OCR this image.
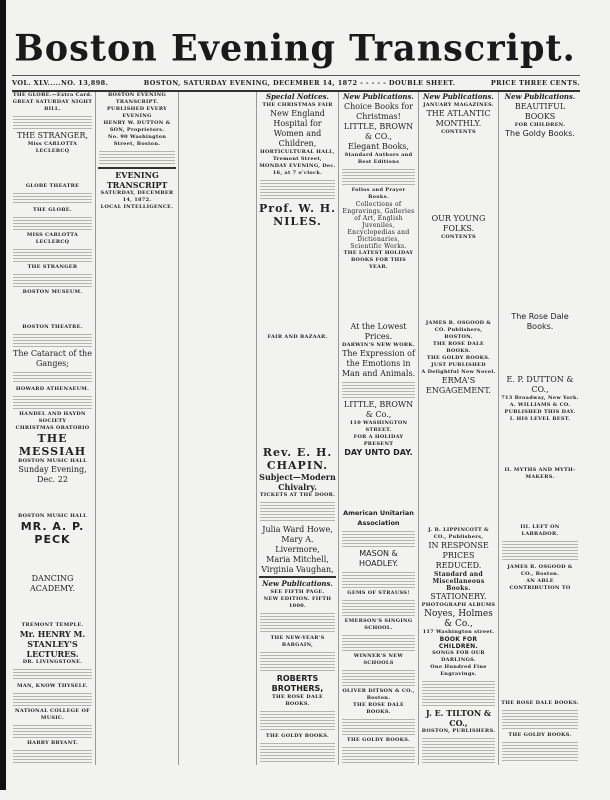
Boston Evening Transcript.
VOL. XLV.....NO. 13,898.	BOSTON, SATURDAY EVENING, DECEMBER 14, 1872 - - - - - DOUBLE SHEET.	PRICE THREE CENTS.
THE GLOBE.—Extra Card. GREAT SATURDAY NIGHT BILL.
THE STRANGER,
Miss CARLOTTA LECLERCQ
GLOBE THEATRE
THE GLOBE.
MISS CARLOTTA LECLERCQ
THE STRANGER
BOSTON MUSEUM.
BOSTON THEATRE.
The Cataract of the Ganges;
HOWARD ATHENAEUM.
HANDEL AND HAYDN SOCIETY
CHRISTMAS ORATORIO
THE MESSIAH
BOSTON MUSIC HALL
Sunday Evening, Dec. 22
BOSTON MUSIC HALL
MR. A. P. PECK
DANCING ACADEMY.
TREMONT TEMPLE.
Mr. HENRY M. STANLEY'S LECTURES.
DR. LIVINGSTONE.
MAN, KNOW THYSELF.
NATIONAL COLLEGE OF MUSIC.
HARRY BRYANT.
BOSTON EVENING TRANSCRIPT.
PUBLISHED EVERY EVENING
HENRY W. DUTTON & SON, Proprietors.
No. 90 Washington Street, Boston.
EVENING TRANSCRIPT
SATURDAY, DECEMBER 14, 1872.
LOCAL INTELLIGENCE.
Special Notices.
THE CHRISTMAS FAIR
New England Hospital for Women and Children,
HORTICULTURAL HALL, Tremont Street,
MONDAY EVENING, Dec. 16, at 7 o'clock.
Prof. W. H. NILES.
FAIR AND BAZAAR.
Rev. E. H. CHAPIN.
Subject—Modern Chivalry.
TICKETS AT THE DOOR.
Julia Ward Howe,
Mary A. Livermore,
Maria Mitchell,
Virginia Vaughan,
New Publications.
SEE FIFTH PAGE.
NEW EDITION. FIFTH 1000.
THE NEW-YEAR'S BARGAIN,
ROBERTS BROTHERS,
THE ROSE DALE BOOKS.
THE GOLDY BOOKS.
New Publications.
Choice Books for Christmas!
LITTLE, BROWN & CO.,
Elegant Books,
Standard Authors and Best Editions
Folios and Prayer Books.
Collections of Engravings, Galleries of Art, English Juveniles, Encyclopedias and Dictionaries, Scientific Works.
THE LATEST HOLIDAY BOOKS FOR THIS YEAR.
At the Lowest Prices.
DARWIN'S NEW WORK.
The Expression of the Emotions in Man and Animals.
LITTLE, BROWN & Co.,
110 WASHINGTON STREET.
FOR A HOLIDAY PRESENT
DAY UNTO DAY.
American Unitarian Association
MASON & HOADLEY.
GEMS OF STRAUSS!
EMERSON'S SINGING SCHOOL.
WINNER'S NEW SCHOOLS
OLIVER DITSON & CO., Boston.
THE ROSE DALE BOOKS.
THE GOLDY BOOKS.
New Publications.
JANUARY MAGAZINES.
THE ATLANTIC MONTHLY.
CONTENTS
OUR YOUNG FOLKS.
CONTENTS
JAMES R. OSGOOD & CO. Publishers,
BOSTON.
THE ROSE DALE BOOKS.
THE GOLDY BOOKS.
JUST PUBLISHED
A Delightful New Novel.
ERMA'S ENGAGEMENT.
J. B. LIPPINCOTT & CO., Publishers,
IN RESPONSE
PRICES
REDUCED.
Standard and Miscellaneous Books.
STATIONERY.
PHOTOGRAPH ALBUMS
Noyes, Holmes & Co.,
117 Washington street.
BOOK FOR CHILDREN.
SONGS FOR OUR DARLINGS.
One Hundred Fine Engravings.
J. E. TILTON & CO.,
BOSTON, PUBLISHERS.
New Publications.
BEAUTIFUL BOOKS
FOR CHILDREN.
The Goldy Books.
The Rose Dale Books.
E. P. DUTTON & CO.,
713 Broadway, New York.
A. WILLIAMS & CO.
PUBLISHED THIS DAY.
I. HIS LEVEL BEST.
II. MYTHS AND MYTH-MAKERS.
III. LEFT ON LABRADOR.
JAMES R. OSGOOD & CO., Boston.
AN ABLE CONTRIBUTION TO
THE ROSE DALE BOOKS.
THE GOLDY BOOKS.
